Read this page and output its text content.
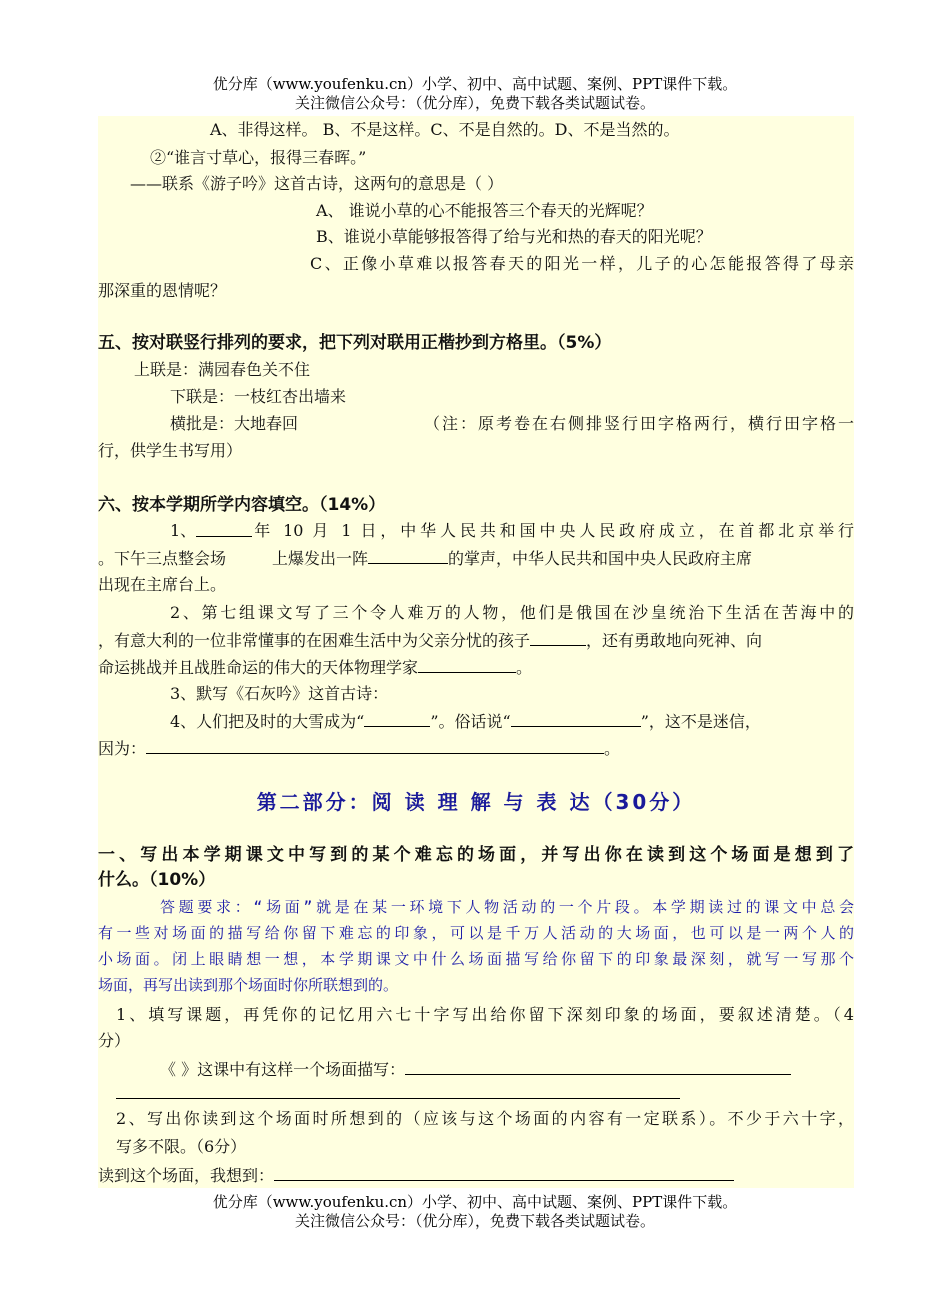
优分库（www.youfenku.cn）小学、初中、高中试题、案例、PPT课件下载。
关注微信公众号：（优分库），免费下载各类试题试卷。
A、非得这样。 B、不是这样。C、不是自然的。D、不是当然的。
②“谁言寸草心，报得三春晖。”
——联系《游子吟》这首古诗，这两句的意思是（ ）
A、 谁说小草的心不能报答三个春天的光辉呢？
B、谁说小草能够报答得了给与光和热的春天的阳光呢？
C、正像小草难以报答春天的阳光一样，儿子的心怎能报答得了母亲
那深重的恩情呢？
五、按对联竖行排列的要求，把下列对联用正楷抄到方格里。（5%）
上联是：满园春色关不住
下联是：一枝红杏出墙来
横批是：大地春回	（注：原考卷在右侧排竖行田字格两行，横行田字格一
行，供学生书写用）
六、按本学期所学内容填空。（14%）
1、	年 10 月 1 日，中华人民共和国中央人民政府成立，在首都北京举行
。下午三点整会场	上爆发出一阵	的掌声，中华人民共和国中央人民政府主席
出现在主席台上。
2、第七组课文写了三个令人难万的人物，他们是俄国在沙皇统治下生活在苦海中的
，有意大利的一位非常懂事的在困难生活中为父亲分忧的孩子	，还有勇敢地向死神、向
命运挑战并且战胜命运的伟大的天体物理学家	。
3、默写《石灰吟》这首古诗：
4、人们把及时的大雪成为“	”。俗话说“	”，这不是迷信，
因为：	。
第二部分：阅 读 理 解 与 表 达（30分）
一、写出本学期课文中写到的某个难忘的场面，并写出你在读到这个场面是想到了
什么。（10%）
答题要求：“场面”就是在某一环境下人物活动的一个片段。本学期读过的课文中总会
有一些对场面的描写给你留下难忘的印象，可以是千万人活动的大场面，也可以是一两个人的
小场面。闭上眼睛想一想，本学期课文中什么场面描写给你留下的印象最深刻，就写一写那个
场面，再写出读到那个场面时你所联想到的。
1、填写课题，再凭你的记忆用六七十字写出给你留下深刻印象的场面，要叙述清楚。（4
分）
《 》这课中有这样一个场面描写：
2、写出你读到这个场面时所想到的（应该与这个场面的内容有一定联系）。不少于六十字，
写多不限。（6分）
读到这个场面，我想到：
优分库（www.youfenku.cn）小学、初中、高中试题、案例、PPT课件下载。
关注微信公众号：（优分库），免费下载各类试题试卷。
